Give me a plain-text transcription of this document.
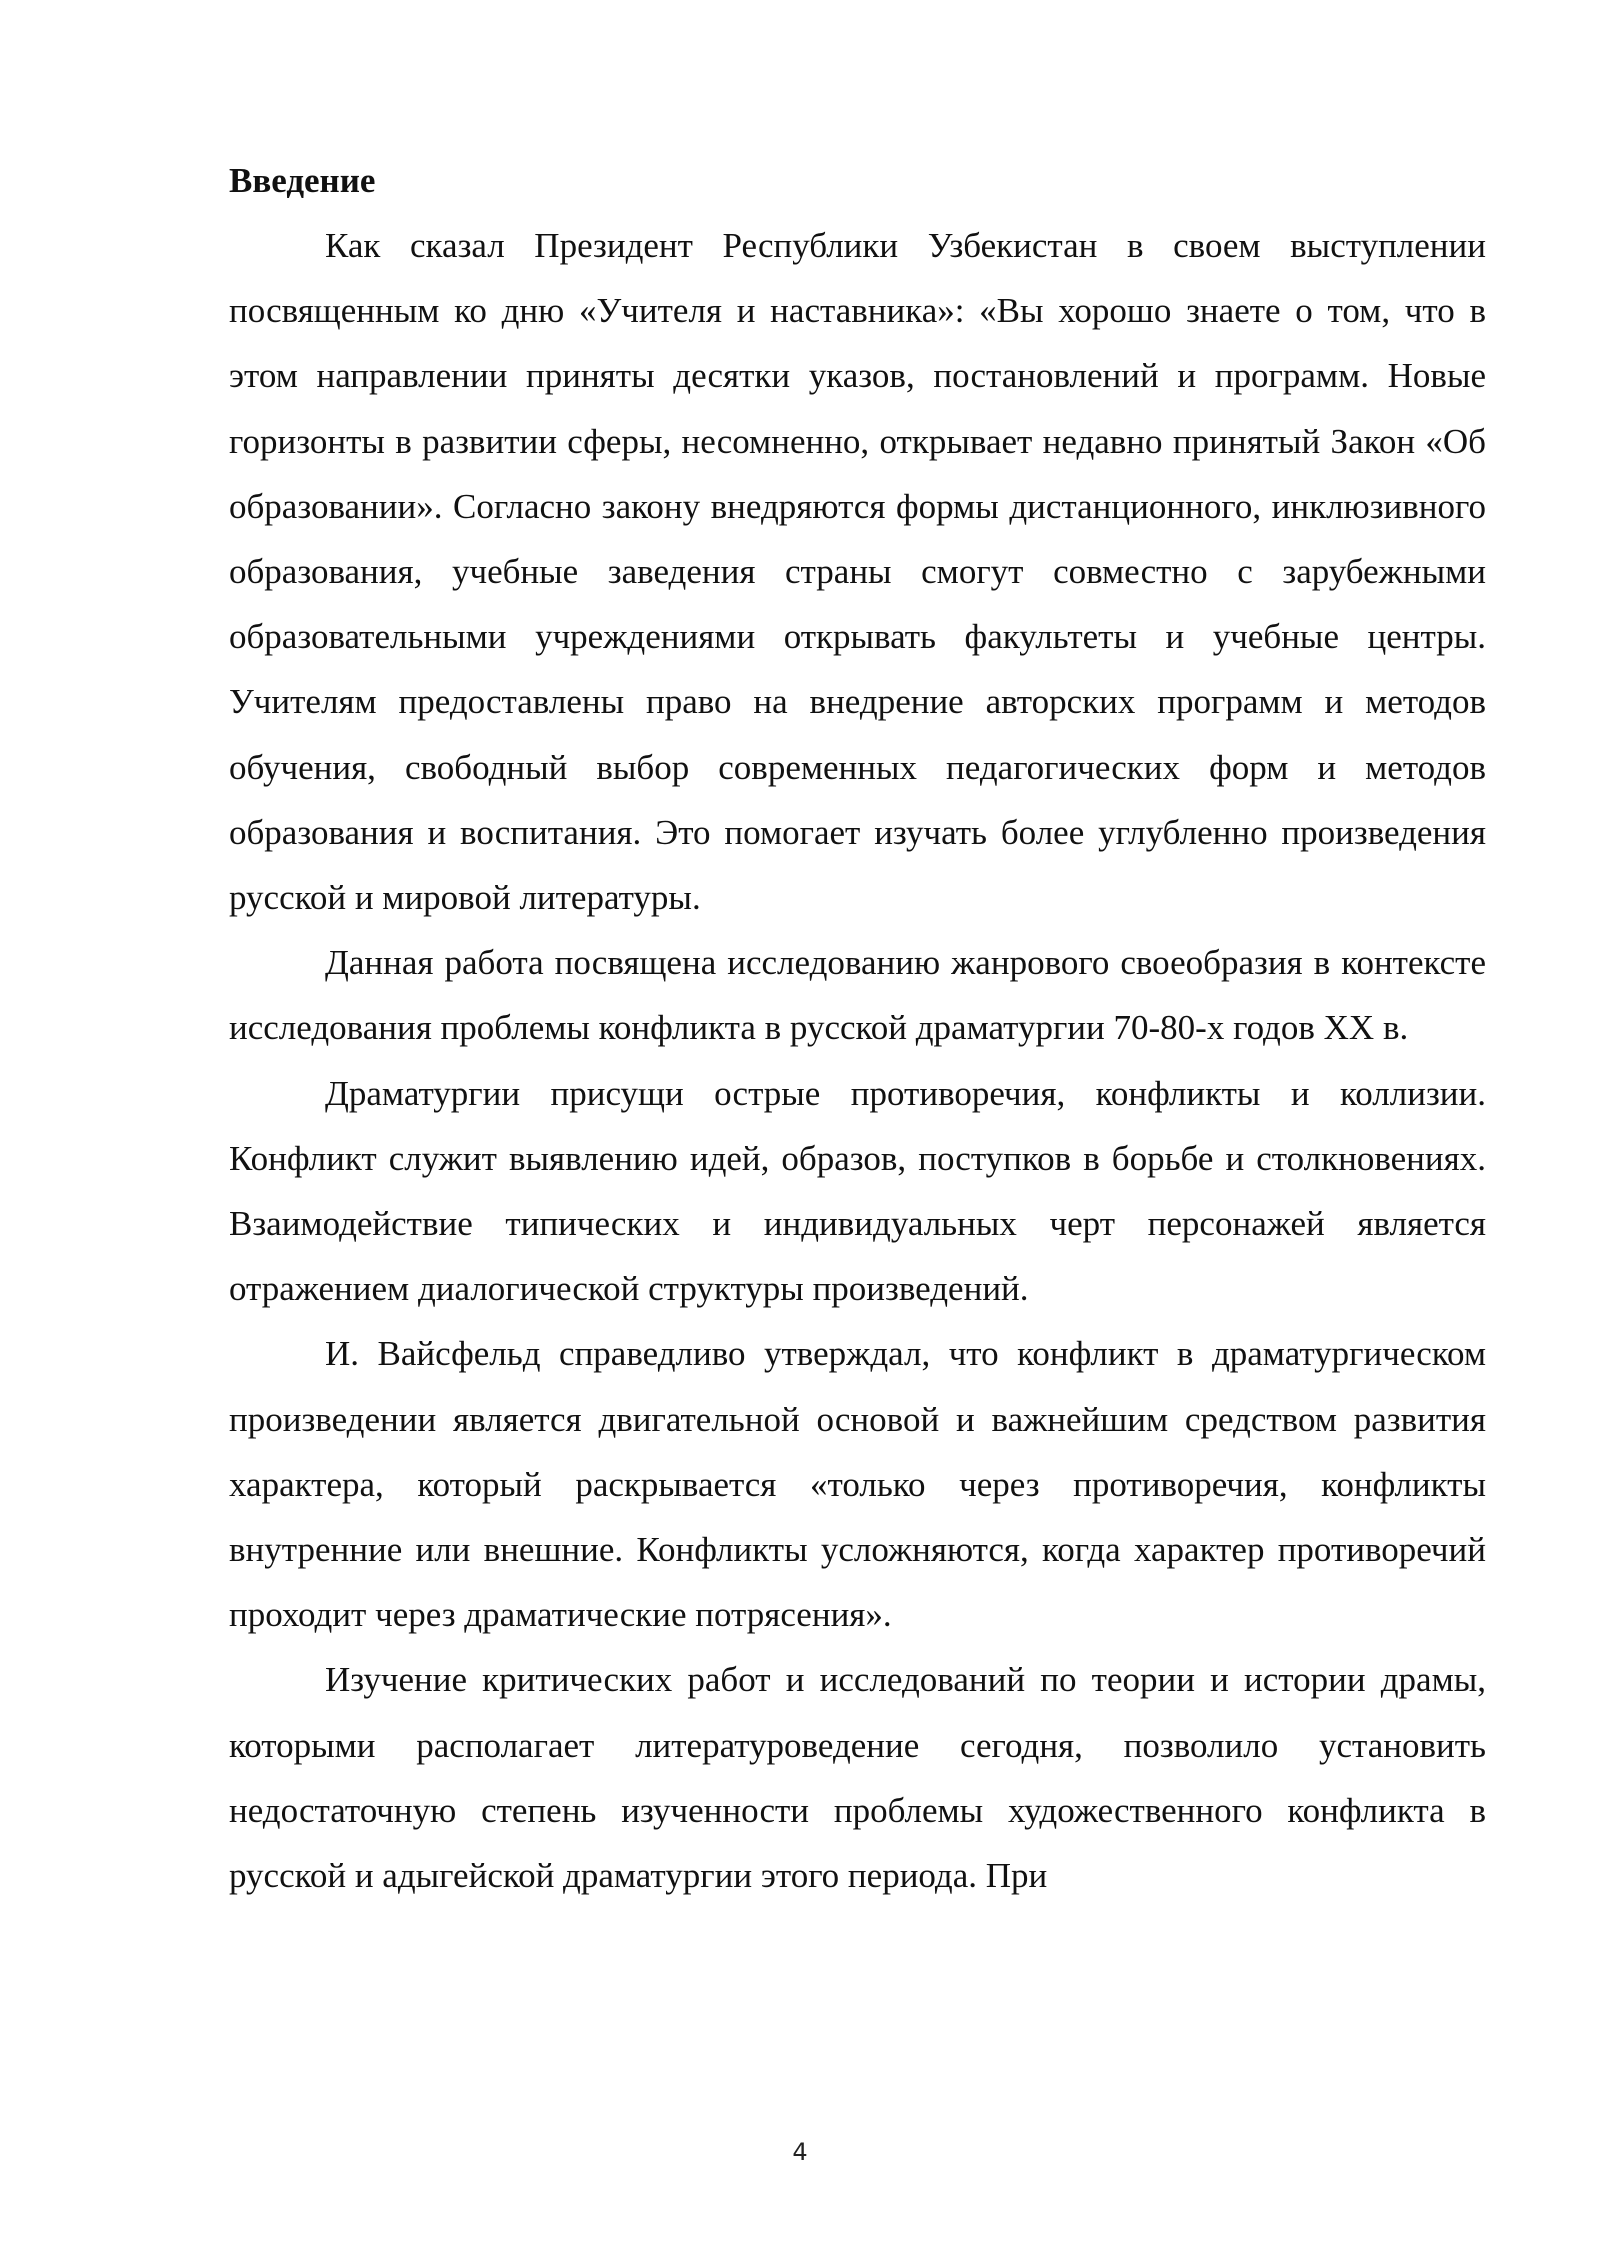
Введение

Как сказал Президент Республики Узбекистан в своем выступлении посвященным ко дню «Учителя и наставника»: «Вы хорошо знаете о том, что в этом направлении приняты десятки указов, постановлений и программ. Новые горизонты в развитии сферы, несомненно, открывает недавно принятый Закон «Об образовании». Согласно закону внедряются формы дистанционного, инклюзивного образования, учебные заведения страны смогут совместно с зарубежными образовательными учреждениями открывать факультеты и учебные центры. Учителям предоставлены право на внедрение авторских программ и методов обучения, свободный выбор современных педагогических форм и методов образования и воспитания. Это помогает изучать более углубленно произведения русской и мировой литературы.

Данная работа посвящена исследованию жанрового своеобразия в контексте исследования проблемы конфликта в русской драматургии 70-80-х годов XX в.

Драматургии присущи острые противоречия, конфликты и коллизии. Конфликт служит выявлению идей, образов, поступков в борьбе и столкновениях. Взаимодействие типических и индивидуальных черт персонажей является отражением диалогической структуры произведений.

И. Вайсфельд справедливо утверждал, что конфликт в драматургическом произведении является двигательной основой и важнейшим средством развития характера, который раскрывается «только через противоречия, конфликты внутренние или внешние. Конфликты усложняются, когда характер противоречий проходит через драматические потрясения».

Изучение критических работ и исследований по теории и истории драмы, которыми располагает литературоведение сегодня, позволило установить недостаточную степень изученности проблемы художественного конфликта в русской и адыгейской драматургии этого периода. При

4
